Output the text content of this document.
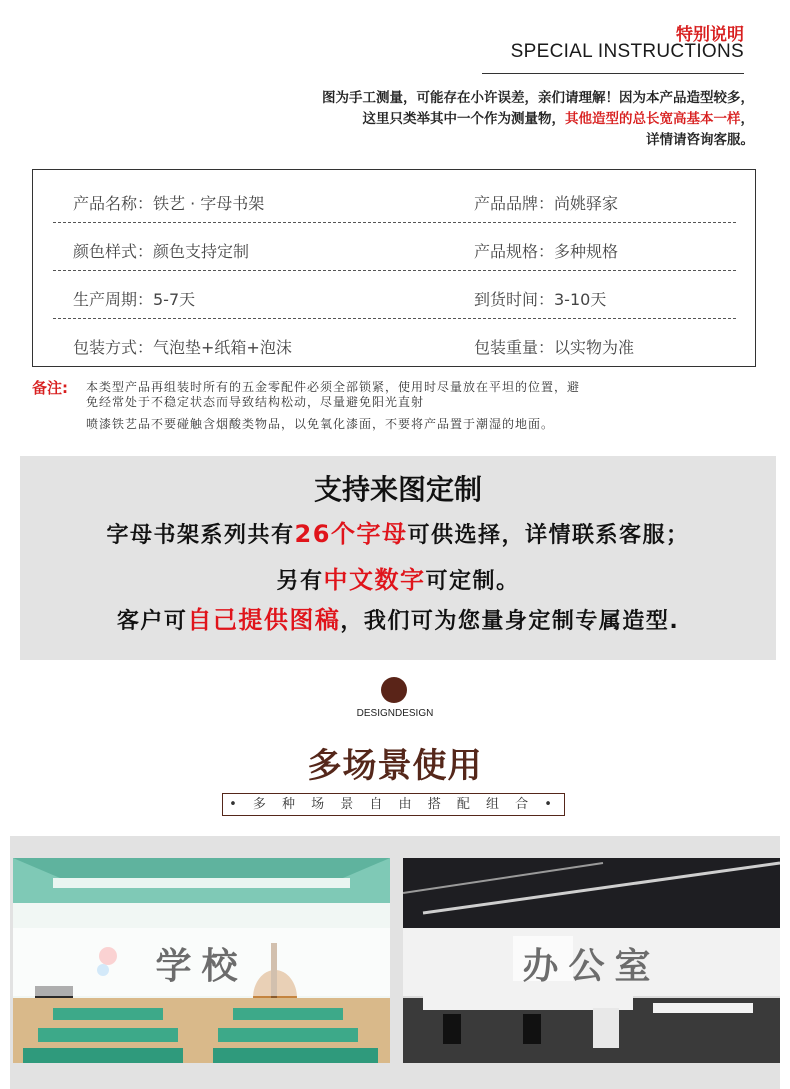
特别说明
SPECIAL INSTRUCTIONS
图为手工测量，可能存在小许误差，亲们请理解！因为本产品造型较多，
这里只类举其中一个作为测量物，其他造型的总长宽高基本一样，
详情请咨询客服。
产品名称：铁艺 · 字母书架	产品品牌：尚姚驿家
颜色样式：颜色支持定制	产品规格：多种规格
生产周期：5-7天	到货时间：3-10天
包装方式：气泡垫+纸箱+泡沫	包装重量：以实物为准
备注: 本类型产品再组装时所有的五金零配件必须全部锁紧，使用时尽量放在平坦的位置，避
免经常处于不稳定状态而导致结构松动，尽量避免阳光直射
喷漆铁艺品不要碰触含烟酸类物品，以免氧化漆面，不要将产品置于潮湿的地面。
支持来图定制
字母书架系列共有26个字母可供选择，详情联系客服；
另有中文数字可定制。
客户可自己提供图稿，我们可为您量身定制专属造型.
DESIGNDESIGN
多场景使用
• 多 种 场 景 自 由 搭 配 组 合 •
学校	办公室
